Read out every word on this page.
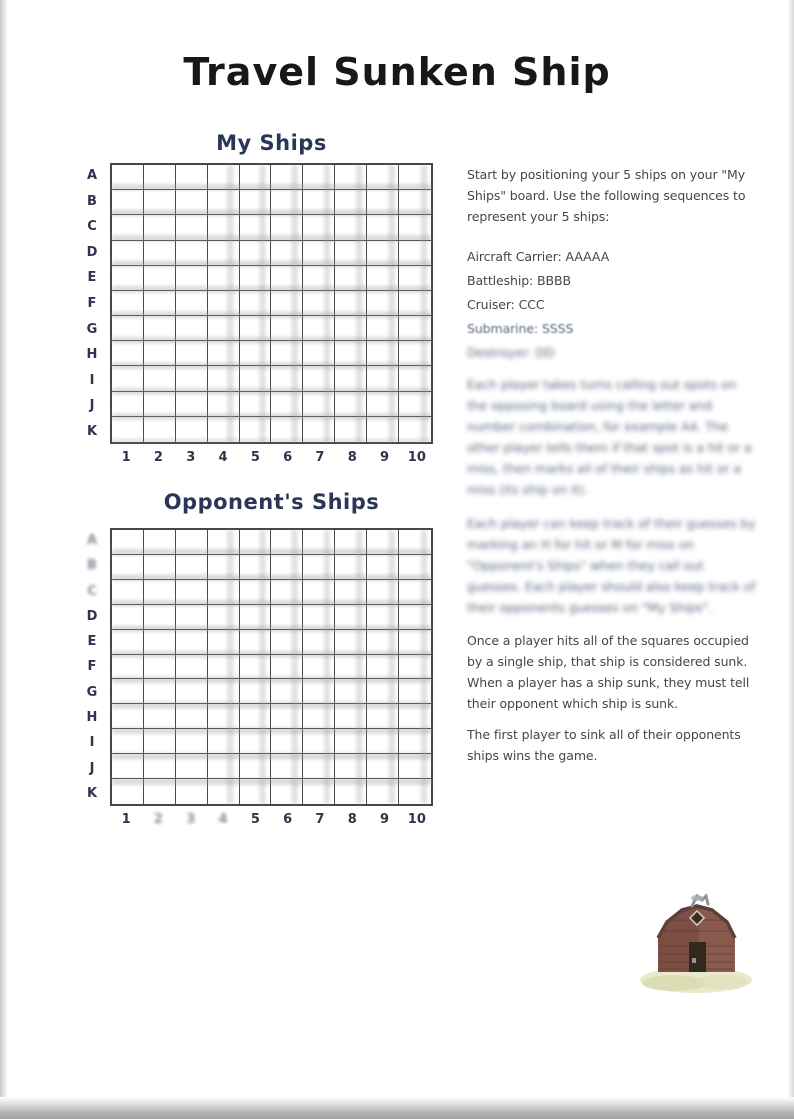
Travel Sunken Ship
My Ships
A
B
C
D
E
F
G
H
I
J
K
1	2	3	4	5	6	7	8	9	10
Opponent's Ships
A
B
C
D
E
F
G
H
I
J
K
1	2	3	4	5	6	7	8	9	10

Start by positioning your 5 ships on your "My Ships" board. Use the following sequences to represent your 5 ships:

Aircraft Carrier: AAAAA

Battleship: BBBB

Cruiser: CCC

Submarine: SSSS

Destroyer: DD

Each player takes turns calling out spots on the opposing board using the letter and number combination, for example A4. The other player tells them if that spot is a hit or a miss, then marks all of their ships as hit or a miss (its ship on it).

Each player can keep track of their guesses by marking an H for hit or M for miss on "Opponent's Ships" when they call out guesses. Each player should also keep track of their opponents guesses on "My Ships".

Once a player hits all of the squares occupied by a single ship, that ship is considered sunk. When a player has a ship sunk, they must tell their opponent which ship is sunk.

The first player to sink all of their opponents ships wins the game.
